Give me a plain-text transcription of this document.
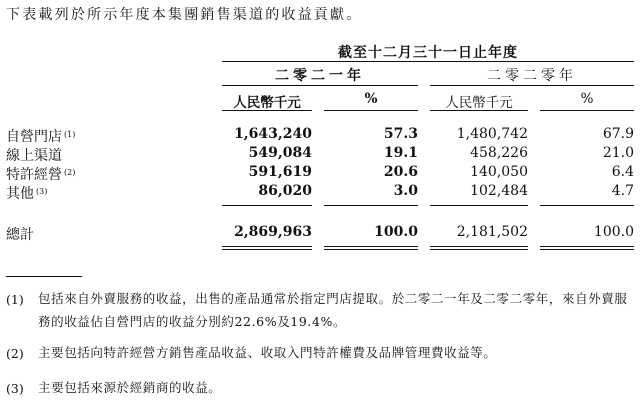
下表載列於所示年度本集團銷售渠道的收益貢獻。
截至十二月三十一日止年度
二零二一年	二零二零年
人民幣千元	%	人民幣千元	%
自營門店 $^{(1)}$	1,643,240	57.3	1,480,742	67.9
線上渠道	549,084	19.1	458,226	21.0
特許經營 $^{(2)}$	591,619	20.6	140,050	6.4
其他 $^{(3)}$	86,020	3.0	102,484	4.7
總計	2,869,963	100.0	2,181,502	100.0
(1) 包括來自外賣服務的收益，出售的產品通常於指定門店提取。於二零二一年及二零二零年，來自外賣服務的收益佔自營門店的收益分別約22.6%及19.4%。
(2) 主要包括向特許經營方銷售產品收益、收取入門特許權費及品牌管理費收益等。
(3) 主要包括來源於經銷商的收益。
